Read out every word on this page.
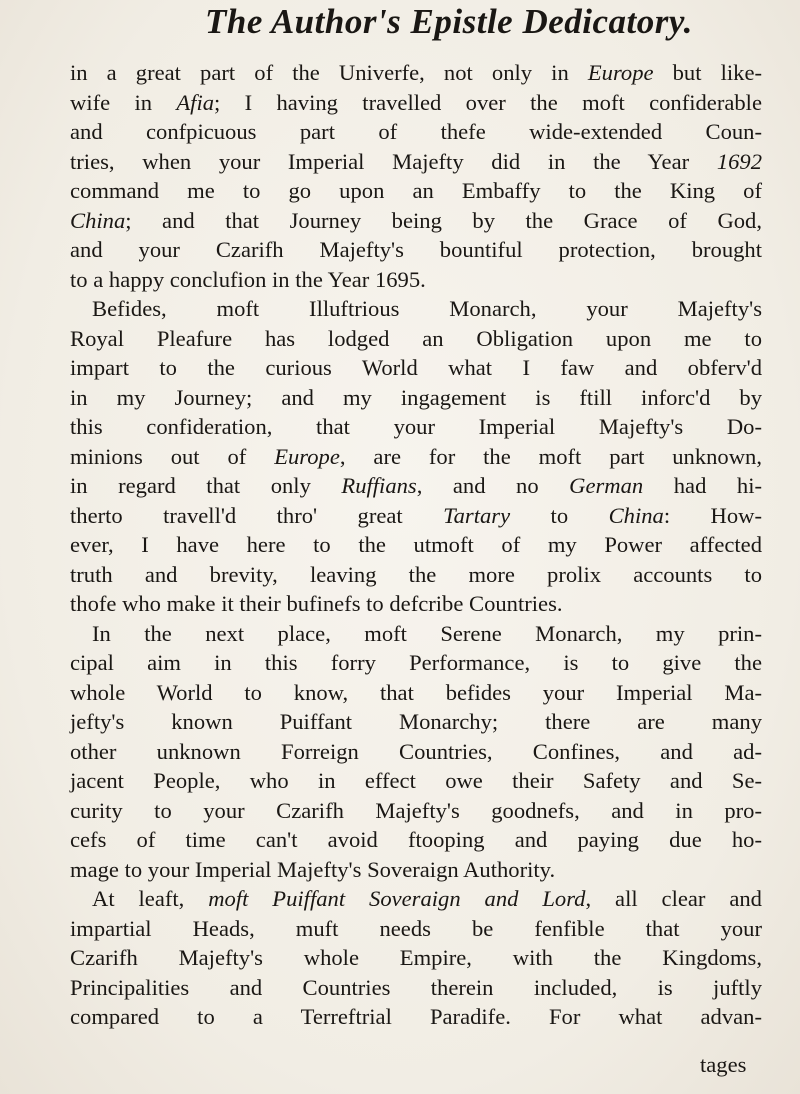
The Author's Epistle Dedicatory.
in a great part of the Univerfe, not only in Europe but like-
wife in Afia; I having travelled over the moft confiderable
and confpicuous part of thefe wide-extended Coun-
tries, when your Imperial Majefty did in the Year 1692
command me to go upon an Embaffy to the King of
China; and that Journey being by the Grace of God,
and your Czarifh Majefty's bountiful protection, brought
to a happy conclufion in the Year 1695.
Befides, moft Illuftrious Monarch, your Majefty's
Royal Pleafure has lodged an Obligation upon me to
impart to the curious World what I faw and obferv'd
in my Journey; and my ingagement is ftill inforc'd by
this confideration, that your Imperial Majefty's Do-
minions out of Europe, are for the moft part unknown,
in regard that only Ruffians, and no German had hi-
therto travell'd thro' great Tartary to China: How-
ever, I have here to the utmoft of my Power affected
truth and brevity, leaving the more prolix accounts to
thofe who make it their bufinefs to defcribe Countries.
In the next place, moft Serene Monarch, my prin-
cipal aim in this forry Performance, is to give the
whole World to know, that befides your Imperial Ma-
jefty's known Puiffant Monarchy; there are many
other unknown Forreign Countries, Confines, and ad-
jacent People, who in effect owe their Safety and Se-
curity to your Czarifh Majefty's goodnefs, and in pro-
cefs of time can't avoid ftooping and paying due ho-
mage to your Imperial Majefty's Soveraign Authority.
At leaft, moft Puiffant Soveraign and Lord, all clear and
impartial Heads, muft needs be fenfible that your
Czarifh Majefty's whole Empire, with the Kingdoms,
Principalities and Countries therein included, is juftly
compared to a Terreftrial Paradife. For what advan-
tages
